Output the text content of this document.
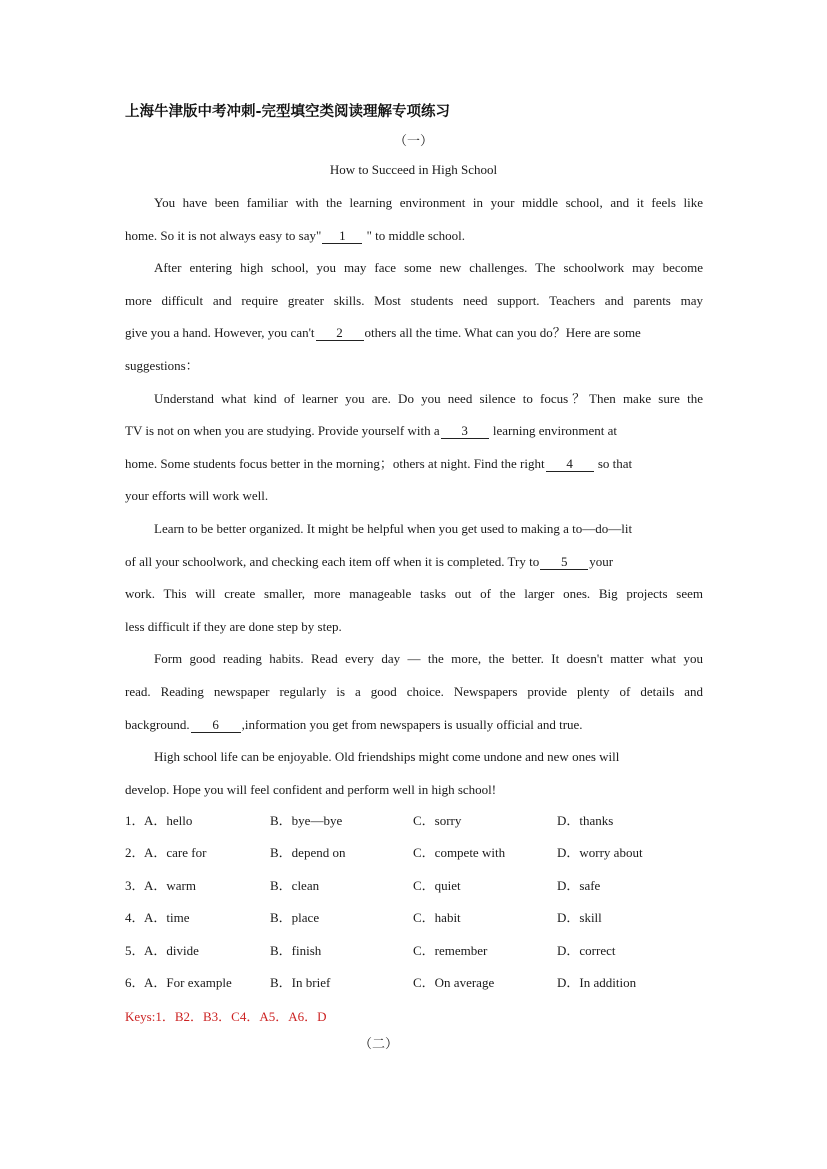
上海牛津版中考冲刺-完型填空类阅读理解专项练习
（一）
How to Succeed in High School
You have been familiar with the learning environment in your middle school, and it feels like
home. So it is not always easy to say" 1 " to middle school.
After entering high school, you may face some new challenges. The schoolwork may become
more difficult and require greater skills. Most students need support. Teachers and parents may
give you a hand. However, you can't 2 others all the time. What can you do？Here are some
suggestions：
Understand what kind of learner you are. Do you need silence to focus？Then make sure the
TV is not on when you are studying. Provide yourself with a 3 learning environment at
home. Some students focus better in the morning；others at night. Find the right 4 so that
your efforts will work well.
Learn to be better organized. It might be helpful when you get used to making a to—do—lit
of all your schoolwork, and checking each item off when it is completed. Try to 5 your
work. This will create smaller, more manageable tasks out of the larger ones. Big projects seem
less difficult if they are done step by step.
Form good reading habits. Read every day — the more, the better. It doesn't matter what you
read. Reading newspaper regularly is a good choice. Newspapers provide plenty of details and
background. 6 ,information you get from newspapers is usually official and true.
High school life can be enjoyable. Old friendships might come undone and new ones will
develop. Hope you will feel confident and perform well in high school!
1． A．hello	B．bye—bye	C．sorry	D．thanks
2． A．care for	B．depend on	C．compete with	D．worry about
3． A．warm	B．clean	C．quiet	D．safe
4． A．time	B．place	C．habit	D．skill
5． A．divide	B．finish	C．remember	D．correct
6． A．For example	B．In brief	C．On average	D．In addition
Keys:1．B2．B3．C4．A5．A6．D
（二）
